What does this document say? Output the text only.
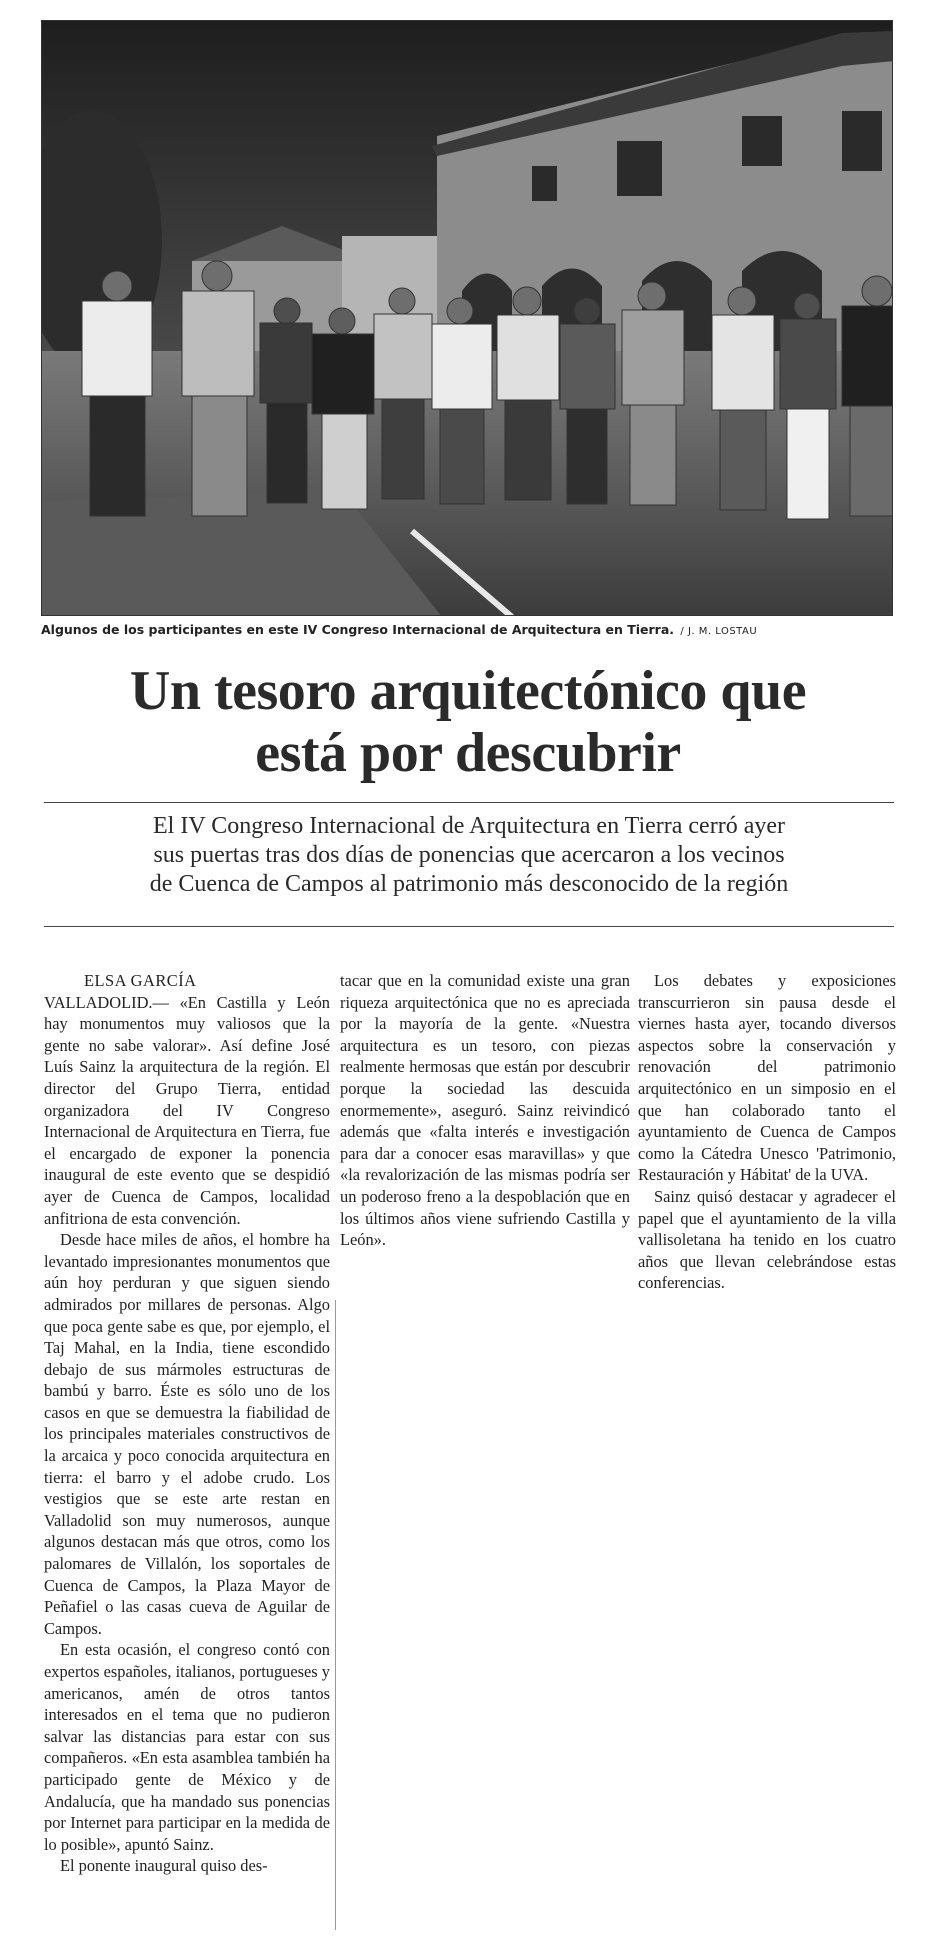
Algunos de los participantes en este IV Congreso Internacional de Arquitectura en Tierra. / J. M. LOSTAU
Un tesoro arquitectónico que
está por descubrir
El IV Congreso Internacional de Arquitectura en Tierra cerró ayer
sus puertas tras dos días de ponencias que acercaron a los vecinos
de Cuenca de Campos al patrimonio más desconocido de la región
ELSA GARCÍA

VALLADOLID.— «En Castilla y León hay monumentos muy valiosos que la gente no sabe valorar». Así define José Luís Sainz la arquitectura de la región. El director del Grupo Tierra, entidad organizadora del IV Congreso Internacional de Arquitectura en Tierra, fue el encargado de exponer la ponencia inaugural de este evento que se despidió ayer de Cuenca de Campos, localidad anfitriona de esta convención.

Desde hace miles de años, el hombre ha levantado impresionantes monumentos que aún hoy perduran y que siguen siendo admirados por millares de personas. Algo que poca gente sabe es que, por ejemplo, el Taj Mahal, en la India, tiene escondido debajo de sus mármoles estructuras de bambú y barro. Éste es sólo uno de los casos en que se demuestra la fiabilidad de los principales materiales constructivos de la arcaica y poco conocida arquitectura en tierra: el barro y el adobe crudo. Los vestigios que se este arte restan en Valladolid son muy numerosos, aunque algunos destacan más que otros, como los palomares de Villalón, los soportales de Cuenca de Campos, la Plaza Mayor de Peñafiel o las casas cueva de Aguilar de Campos.

En esta ocasión, el congreso contó con expertos españoles, italianos, portugueses y americanos, amén de otros tantos interesados en el tema que no pudieron salvar las distancias para estar con sus compañeros. «En esta asamblea también ha participado gente de México y de Andalucía, que ha mandado sus ponencias por Internet para participar en la medida de lo posible», apuntó Sainz.

El ponente inaugural quiso des-

tacar que en la comunidad existe una gran riqueza arquitectónica que no es apreciada por la mayoría de la gente. «Nuestra arquitectura es un tesoro, con piezas realmente hermosas que están por descubrir porque la sociedad las descuida enormemente», aseguró. Sainz reivindicó además que «falta interés e investigación para dar a conocer esas maravillas» y que «la revalorización de las mismas podría ser un poderoso freno a la despoblación que en los últimos años viene sufriendo Castilla y León».

Los debates y exposiciones transcurrieron sin pausa desde el viernes hasta ayer, tocando diversos aspectos sobre la conservación y renovación del patrimonio arquitectónico en un simposio en el que han colaborado tanto el ayuntamiento de Cuenca de Campos como la Cátedra Unesco 'Patrimonio, Restauración y Hábitat' de la UVA.

Sainz quisó destacar y agradecer el papel que el ayuntamiento de la villa vallisoletana ha tenido en los cuatro años que llevan celebrándose estas conferencias.
